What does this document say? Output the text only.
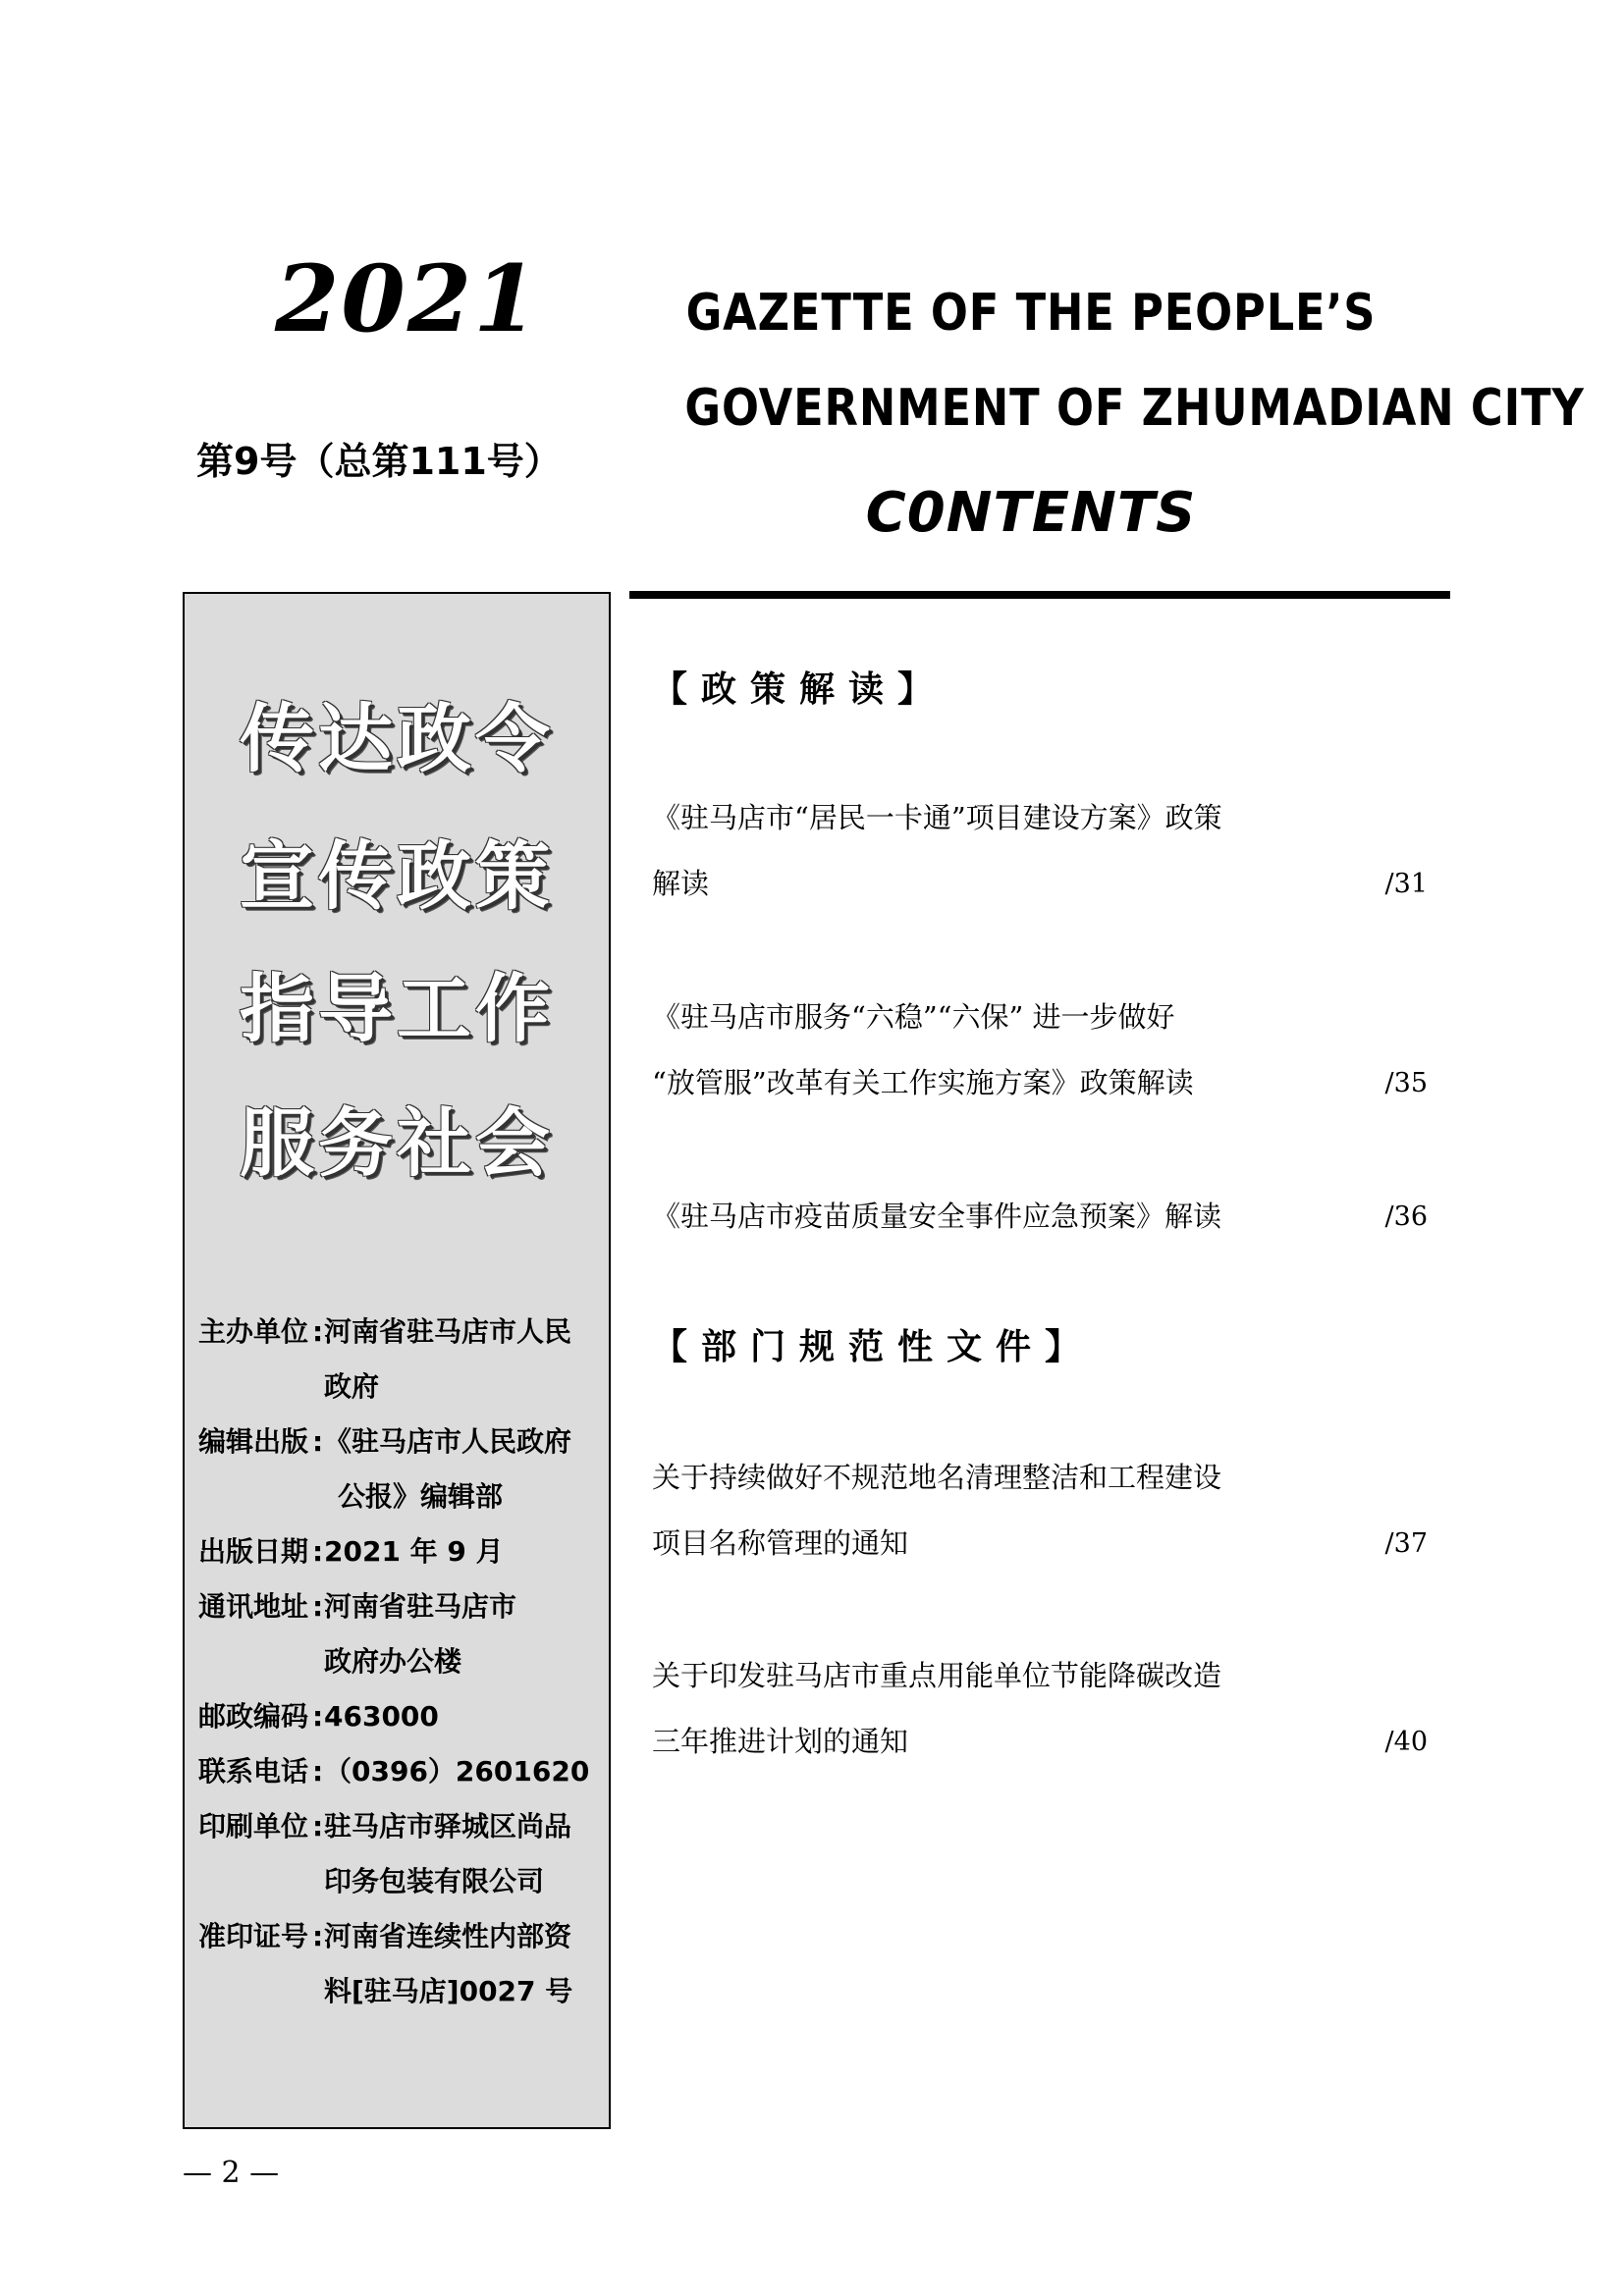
2021
第9号（总第111号）
GAZETTE OF THE PEOPLE’S
GOVERNMENT OF ZHUMADIAN CITY
C0NTENTS
传达政令
宣传政策
指导工作
服务社会
主办单位 : 河南省驻马店市人民
政府
编辑出版 : 《驻马店市人民政府
公报》编辑部
出版日期 : 2021 年 9 月
通讯地址 : 河南省驻马店市
政府办公楼
邮政编码 : 463000
联系电话 : （0396）2601620
印刷单位 : 驻马店市驿城区尚品
印务包装有限公司
准印证号 : 河南省连续性内部资
料[驻马店]0027 号
【政策解读】
《驻马店市“居民一卡通”项目建设方案》政策
解读	/31
《驻马店市服务“六稳”“六保” 进一步做好
“放管服”改革有关工作实施方案》政策解读	/35
《驻马店市疫苗质量安全事件应急预案》解读	/36
【部门规范性文件】
关于持续做好不规范地名清理整洁和工程建设
项目名称管理的通知	/37
关于印发驻马店市重点用能单位节能降碳改造
三年推进计划的通知	/40
— 2 —
